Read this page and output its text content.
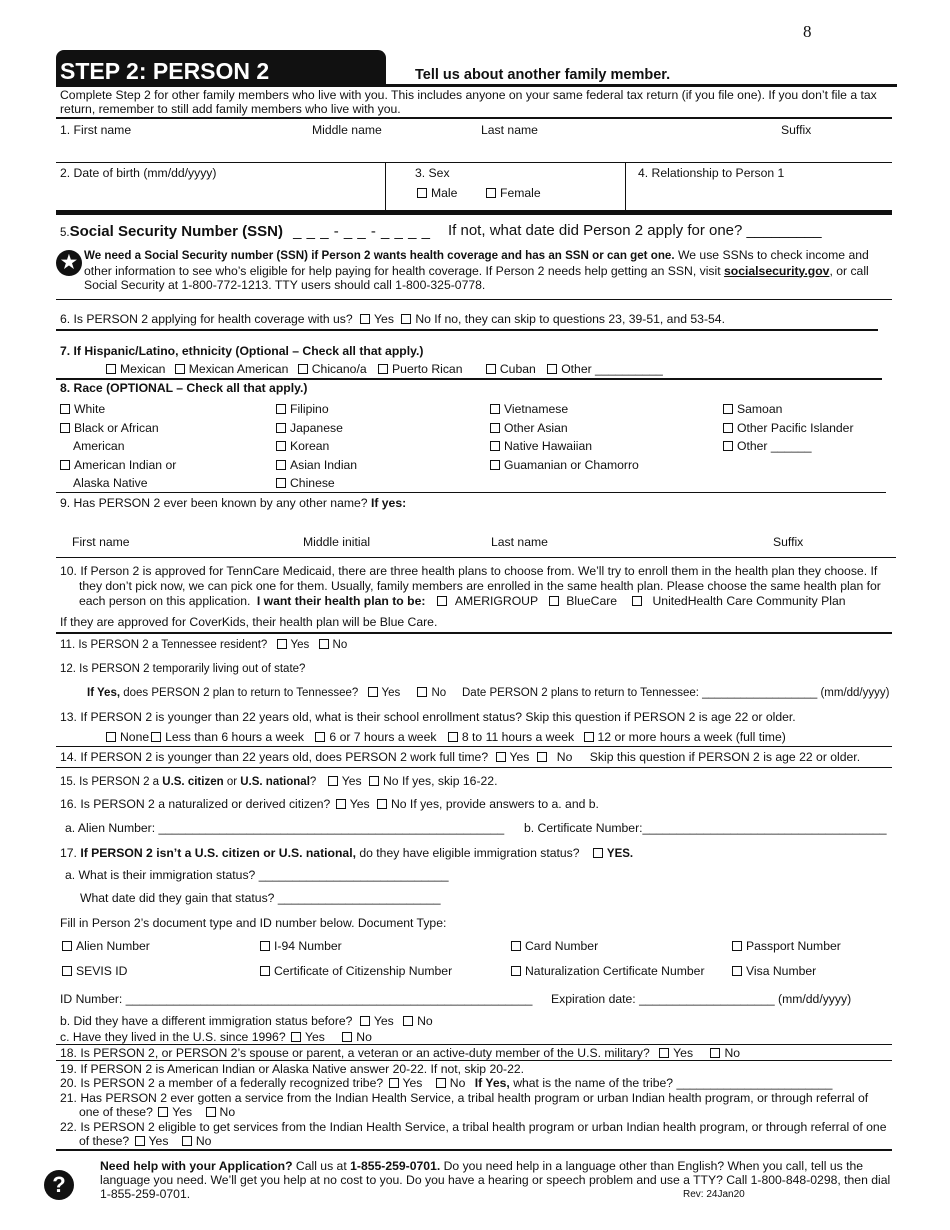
8
STEP 2: PERSON 2	Tell us about another family member.
Complete Step 2 for other family members who live with you. This includes anyone on your same federal tax return (if you file one). If you don’t file a tax return, remember to still add family members who live with you.
1. First name	Middle name	Last name	Suffix
2. Date of birth (mm/dd/yyyy)	3. Sex
Male	Female
4. Relationship to Person 1
5.Social Security Number (SSN) _ _ _ - _ _ - _ _ _ _ If not, what date did Person 2 apply for one? _________
★ We need a Social Security number (SSN) if Person 2 wants health coverage and has an SSN or can get one. We use SSNs to check income and other information to see who’s eligible for help paying for health coverage. If Person 2 needs help getting an SSN, visit socialsecurity.gov, or call Social Security at 1-800-772-1213. TTY users should call 1-800-325-0778.
6. Is PERSON 2 applying for health coverage with us? Yes No If no, they can skip to questions 23, 39-51, and 53-54.
7. If Hispanic/Latino, ethnicity (Optional – Check all that apply.)
Mexican Mexican American Chicano/a Puerto Rican	Cuban Other __________
8. Race (OPTIONAL – Check all that apply.)
White
Black or African
American
American Indian or
Alaska Native
Filipino
Japanese
Korean
Asian Indian
Chinese
Vietnamese
Other Asian
Native Hawaiian
Guamanian or Chamorro
Samoan
Other Pacific Islander
Other ______
9. Has PERSON 2 ever been known by any other name? If yes:
First name	Middle initial	Last name	Suffix
10. If Person 2 is approved for TennCare Medicaid, there are three health plans to choose from. We’ll try to enroll them in the health plan they choose. If
they don’t pick now, we can pick one for them. Usually, family members are enrolled in the same health plan. Please choose the same health plan for
each person on this application. I want their health plan to be: AMERIGROUP BlueCare	UnitedHealth Care Community Plan
If they are approved for CoverKids, their health plan will be Blue Care.
11. Is PERSON 2 a Tennessee resident? Yes No
12. Is PERSON 2 temporarily living out of state?
If Yes, does PERSON 2 plan to return to Tennessee? Yes	No Date PERSON 2 plans to return to Tennessee: __________________ (mm/dd/yyyy)
13. If PERSON 2 is younger than 22 years old, what is their school enrollment status? Skip this question if PERSON 2 is age 22 or older.
None Less than 6 hours a week 6 or 7 hours a week 8 to 11 hours a week 12 or more hours a week (full time)
14. If PERSON 2 is younger than 22 years old, does PERSON 2 work full time? Yes No Skip this question if PERSON 2 is age 22 or older.
15. Is PERSON 2 a U.S. citizen or U.S. national? Yes No If yes, skip 16-22.
16. Is PERSON 2 a naturalized or derived citizen? Yes No If yes, provide answers to a. and b.
a. Alien Number: ___________________________________________________ b. Certificate Number:____________________________________
17. If PERSON 2 isn’t a U.S. citizen or U.S. national, do they have eligible immigration status? YES.
a. What is their immigration status? ____________________________
What date did they gain that status? ________________________
Fill in Person 2’s document type and ID number below. Document Type:
Alien Number	I-94 Number	Card Number	Passport Number
SEVIS ID	Certificate of Citizenship Number	Naturalization Certificate Number	Visa Number
ID Number: ____________________________________________________________ Expiration date: ____________________ (mm/dd/yyyy)
b. Did they have a different immigration status before? Yes No
c. Have they lived in the U.S. since 1996? Yes	No
18. Is PERSON 2, or PERSON 2’s spouse or parent, a veteran or an active-duty member of the U.S. military? Yes	No
19. If PERSON 2 is American Indian or Alaska Native answer 20-22. If not, skip 20-22.
20. Is PERSON 2 a member of a federally recognized tribe? Yes No If Yes, what is the name of the tribe? _______________________
21. Has PERSON 2 ever gotten a service from the Indian Health Service, a tribal health program or urban Indian health program, or through referral of
one of these? Yes No
22. Is PERSON 2 eligible to get services from the Indian Health Service, a tribal health program or urban Indian health program, or through referral of one
of these? Yes No
?
Need help with your Application? Call us at 1-855-259-0701. Do you need help in a language other than English? When you call, tell us the language you need. We’ll get you help at no cost to you. Do you have a hearing or speech problem and use a TTY? Call 1-800-848-0298, then dial 1-855-259-0701.	Rev: 24Jan20
